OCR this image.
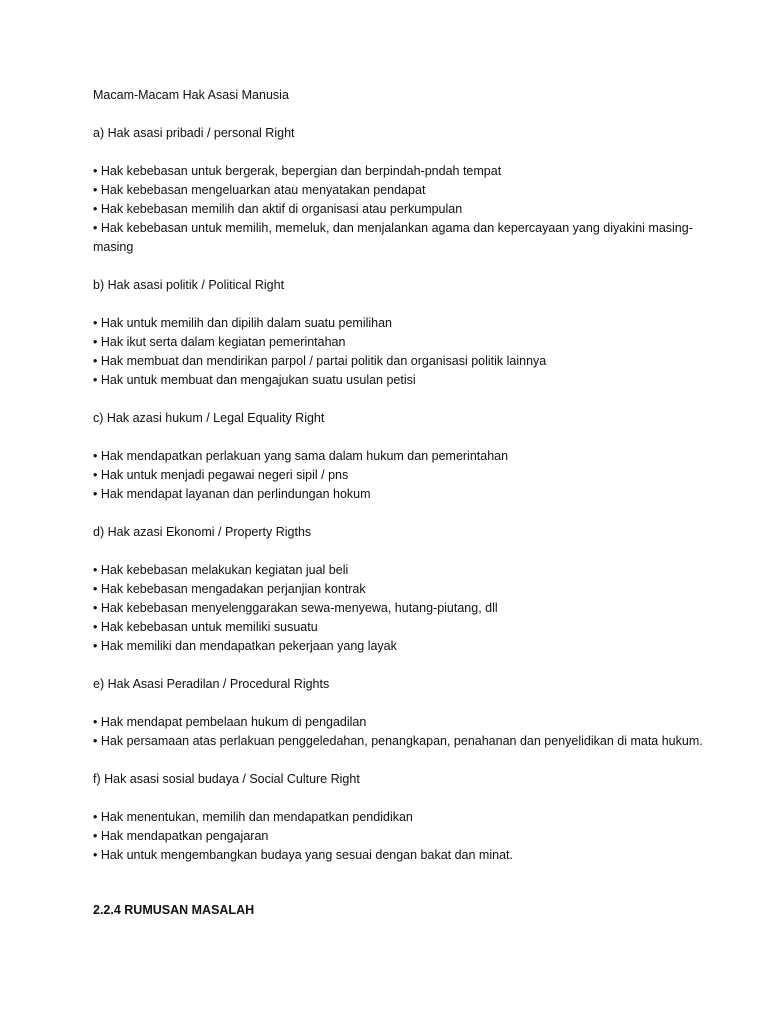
Macam-Macam Hak Asasi Manusia
a) Hak asasi pribadi / personal Right
• Hak kebebasan untuk bergerak, bepergian dan berpindah-pndah tempat
• Hak kebebasan mengeluarkan atau menyatakan pendapat
• Hak kebebasan memilih dan aktif di organisasi atau perkumpulan
• Hak kebebasan untuk memilih, memeluk, dan menjalankan agama dan kepercayaan yang diyakini masing-masing
b) Hak asasi politik / Political Right
• Hak untuk memilih dan dipilih dalam suatu pemilihan
• Hak ikut serta dalam kegiatan pemerintahan
• Hak membuat dan mendirikan parpol / partai politik dan organisasi politik lainnya
• Hak untuk membuat dan mengajukan suatu usulan petisi
c) Hak azasi hukum / Legal Equality Right
• Hak mendapatkan perlakuan yang sama dalam hukum dan pemerintahan
• Hak untuk menjadi pegawai negeri sipil / pns
• Hak mendapat layanan dan perlindungan hokum
d) Hak azasi Ekonomi / Property Rigths
• Hak kebebasan melakukan kegiatan jual beli
• Hak kebebasan mengadakan perjanjian kontrak
• Hak kebebasan menyelenggarakan sewa-menyewa, hutang-piutang, dll
• Hak kebebasan untuk memiliki susuatu
• Hak memiliki dan mendapatkan pekerjaan yang layak
e) Hak Asasi Peradilan / Procedural Rights
• Hak mendapat pembelaan hukum di pengadilan
• Hak persamaan atas perlakuan penggeledahan, penangkapan, penahanan dan penyelidikan di mata hukum.
f) Hak asasi sosial budaya / Social Culture Right
• Hak menentukan, memilih dan mendapatkan pendidikan
• Hak mendapatkan pengajaran
• Hak untuk mengembangkan budaya yang sesuai dengan bakat dan minat.
2.2.4 RUMUSAN MASALAH
